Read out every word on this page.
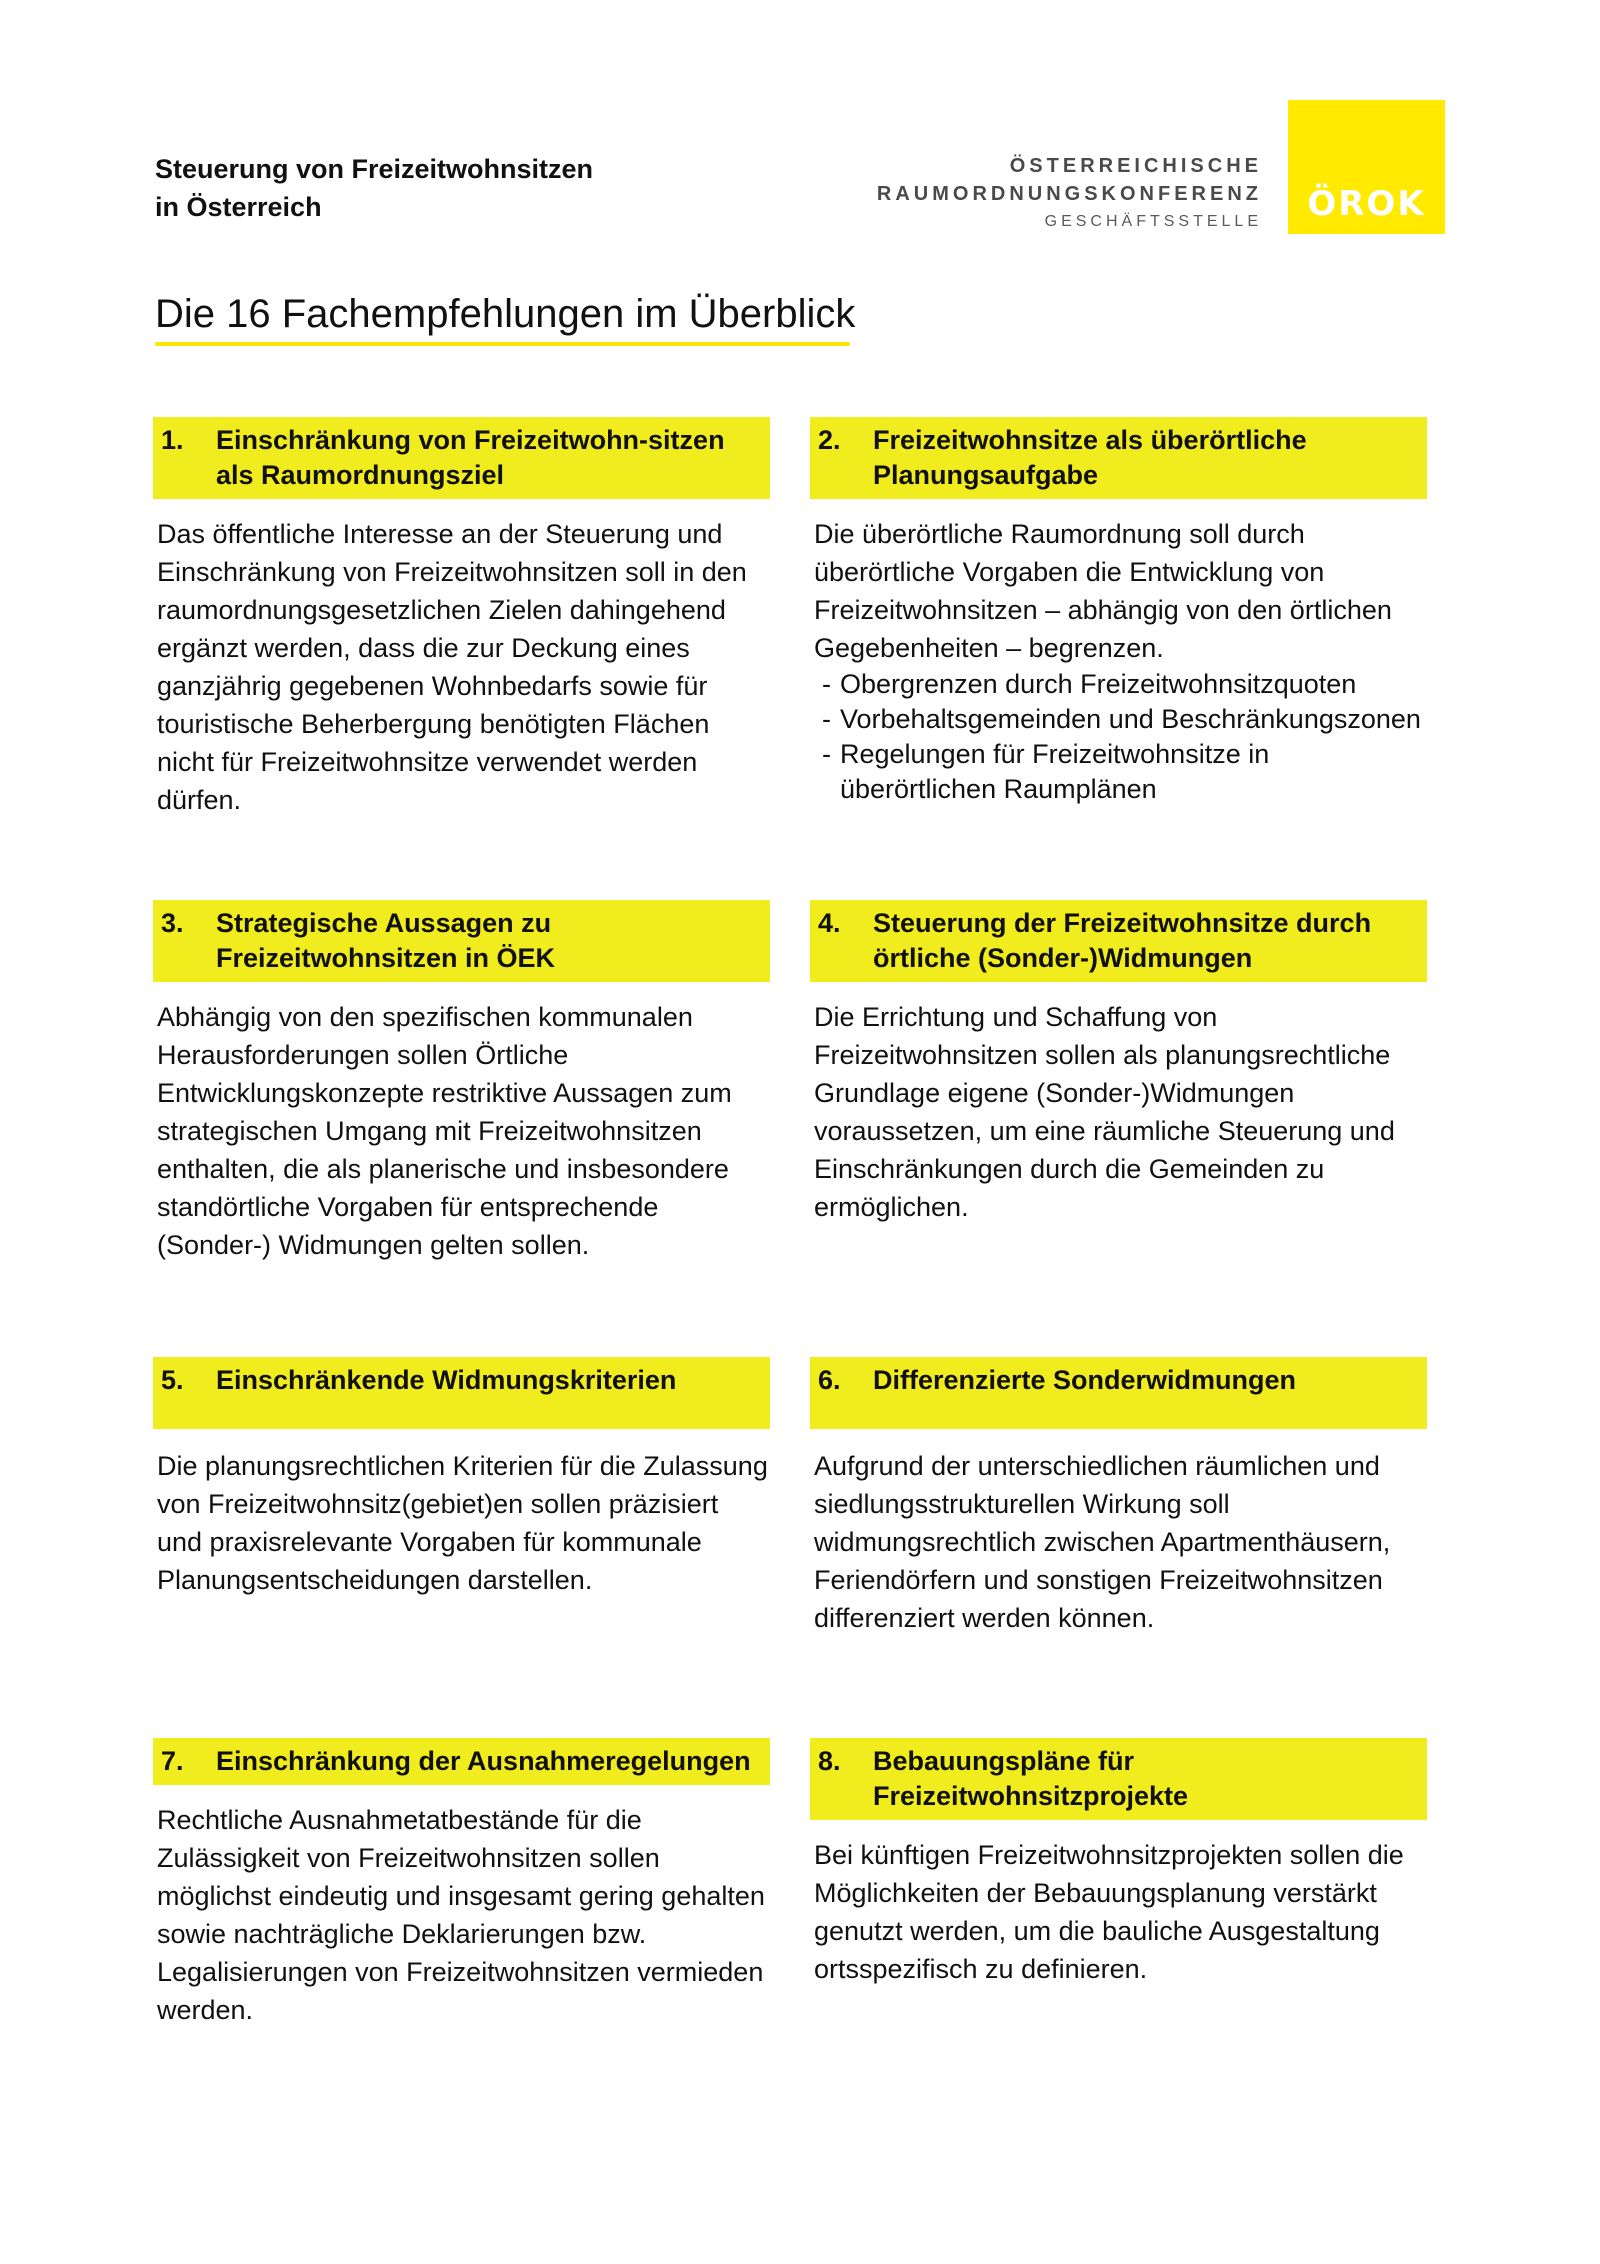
Steuerung von Freizeitwohnsitzen
in Österreich
ÖSTERREICHISCHE
RAUMORDNUNGSKONFERENZ
GESCHÄFTSSTELLE ÖROK
Die 16 Fachempfehlungen im Überblick
1.	Einschränkung von Freizeitwohn-sitzen als Raumordnungsziel
Das öffentliche Interesse an der Steuerung und Einschränkung von Freizeitwohnsitzen soll in den raumordnungsgesetzlichen Zielen dahingehend ergänzt werden, dass die zur Deckung eines ganzjährig gegebenen Wohnbedarfs sowie für touristische Beherbergung benötigten Flächen nicht für Freizeitwohnsitze verwendet werden dürfen.
2.	Freizeitwohnsitze als überörtliche Planungsaufgabe
Die überörtliche Raumordnung soll durch überörtliche Vorgaben die Entwicklung von Freizeitwohnsitzen – abhängig von den örtlichen Gegebenheiten – begrenzen.
- Obergrenzen durch Freizeitwohnsitzquoten
- Vorbehaltsgemeinden und Beschränkungszonen
- Regelungen für Freizeitwohnsitze in überörtlichen Raumplänen
3.	Strategische Aussagen zu Freizeitwohnsitzen in ÖEK
Abhängig von den spezifischen kommunalen Herausforderungen sollen Örtliche Entwicklungskonzepte restriktive Aussagen zum strategischen Umgang mit Freizeitwohnsitzen enthalten, die als planerische und insbesondere standörtliche Vorgaben für entsprechende (Sonder-) Widmungen gelten sollen.
4.	Steuerung der Freizeitwohnsitze durch örtliche (Sonder-)Widmungen
Die Errichtung und Schaffung von Freizeitwohnsitzen sollen als planungsrechtliche Grundlage eigene (Sonder-)Widmungen voraussetzen, um eine räumliche Steuerung und Einschränkungen durch die Gemeinden zu ermöglichen.
5.	Einschränkende Widmungskriterien
Die planungsrechtlichen Kriterien für die Zulassung von Freizeitwohnsitz(gebiet)en sollen präzisiert und praxisrelevante Vorgaben für kommunale Planungsentscheidungen darstellen.
6.	Differenzierte Sonderwidmungen
Aufgrund der unterschiedlichen räumlichen und siedlungsstrukturellen Wirkung soll widmungsrechtlich zwischen Apartmenthäusern, Feriendörfern und sonstigen Freizeitwohnsitzen differenziert werden können.
7.	Einschränkung der Ausnahmeregelungen
Rechtliche Ausnahmetatbestände für die Zulässigkeit von Freizeitwohnsitzen sollen möglichst eindeutig und insgesamt gering gehalten sowie nachträgliche Deklarierungen bzw. Legalisierungen von Freizeitwohnsitzen vermieden werden.
8.	Bebauungspläne für Freizeitwohnsitzprojekte
Bei künftigen Freizeitwohnsitzprojekten sollen die Möglichkeiten der Bebauungsplanung verstärkt genutzt werden, um die bauliche Ausgestaltung ortsspezifisch zu definieren.
